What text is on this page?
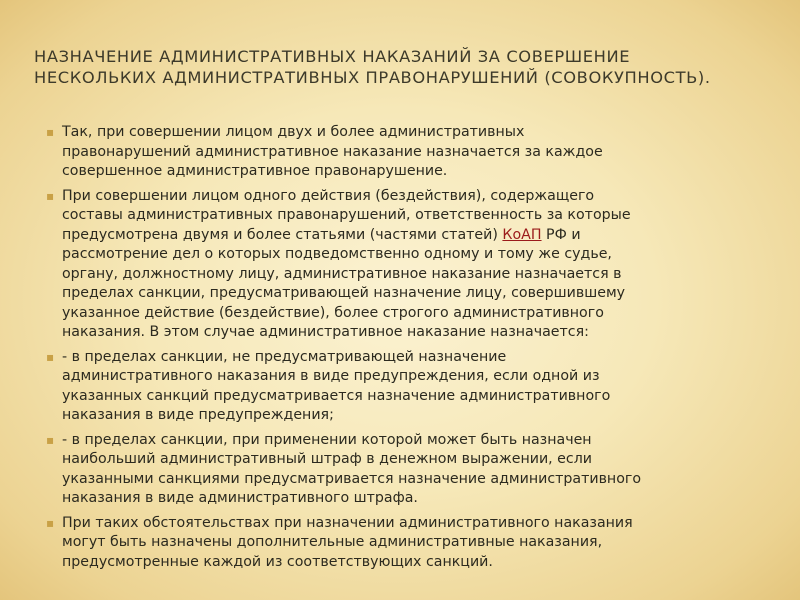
НАЗНАЧЕНИЕ АДМИНИСТРАТИВНЫХ НАКАЗАНИЙ ЗА СОВЕРШЕНИЕ
НЕСКОЛЬКИХ АДМИНИСТРАТИВНЫХ ПРАВОНАРУШЕНИЙ (СОВОКУПНОСТЬ).
▪ Так, при совершении лицом двух и более административных
правонарушений административное наказание назначается за каждое
совершенное административное правонарушение.
▪ При совершении лицом одного действия (бездействия), содержащего
составы административных правонарушений, ответственность за которые
предусмотрена двумя и более статьями (частями статей) КоАП РФ и
рассмотрение дел о которых подведомственно одному и тому же судье,
органу, должностному лицу, административное наказание назначается в
пределах санкции, предусматривающей назначение лицу, совершившему
указанное действие (бездействие), более строгого административного
наказания. В этом случае административное наказание назначается:
▪ - в пределах санкции, не предусматривающей назначение
административного наказания в виде предупреждения, если одной из
указанных санкций предусматривается назначение административного
наказания в виде предупреждения;
▪ - в пределах санкции, при применении которой может быть назначен
наибольший административный штраф в денежном выражении, если
указанными санкциями предусматривается назначение административного
наказания в виде административного штрафа.
▪ При таких обстоятельствах при назначении административного наказания
могут быть назначены дополнительные административные наказания,
предусмотренные каждой из соответствующих санкций.
